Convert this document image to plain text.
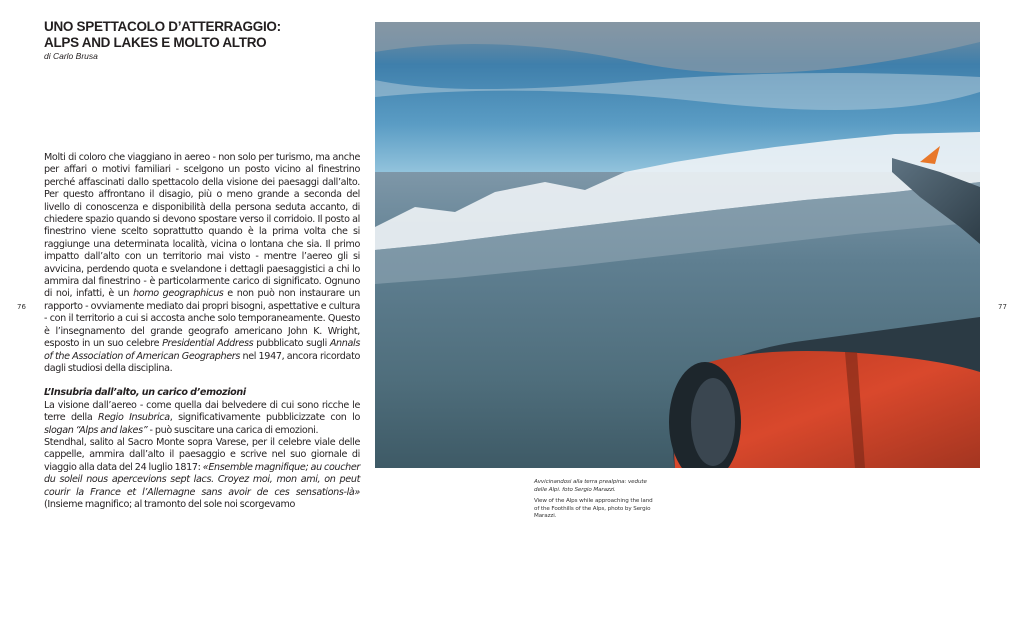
UNO SPETTACOLO D’ATTERRAGGIO:
ALPS AND LAKES E MOLTO ALTRO
di Carlo Brusa

Molti di coloro che viaggiano in aereo - non solo per turismo, ma anche per affari o motivi familiari - scelgono un posto vicino al finestrino perché affascinati dallo spettacolo della visione dei paesaggi dall’alto. Per questo affrontano il disagio, più o meno grande a seconda del livello di conoscenza e disponibilità della persona seduta accanto, di chiedere spazio quando si devono spostare verso il corridoio. Il posto al finestrino viene scelto soprattutto quando è la prima volta che si raggiunge una determinata località, vicina o lontana che sia. Il primo impatto dall’alto con un territorio mai visto - mentre l’aereo gli si avvicina, perdendo quota e svelandone i dettagli paesaggistici a chi lo ammira dal finestrino - è particolarmente carico di significato. Ognuno di noi, infatti, è un homo geographicus e non può non instaurare un rapporto - ovviamente mediato dai propri bisogni, aspettative e cultura - con il territorio a cui si accosta anche solo temporaneamente. Questo è l’insegnamento del grande geografo americano John K. Wright, esposto in un suo celebre Presidential Address pubblicato sugli Annals of the Association of American Geographers nel 1947, ancora ricordato dagli studiosi della disciplina.

L’Insubria dall’alto, un carico d’emozioni

La visione dall’aereo - come quella dai belvedere di cui sono ricche le terre della Regio Insubrica, significativamente pubblicizzate con lo slogan “Alps and lakes” - può suscitare una carica di emozioni.

Stendhal, salito al Sacro Monte sopra Varese, per il celebre viale delle cappelle, ammira dall’alto il paesaggio e scrive nel suo giornale di viaggio alla data del 24 luglio 1817: «Ensemble magnifique; au coucher du soleil nous apercevions sept lacs. Croyez moi, mon ami, on peut courir la France et l’Allemagne sans avoir de ces sensations-là» (Insieme magnifico; al tramonto del sole noi scorgevamo

76	77
Avvicinandosi alla terra prealpina: vedute delle Alpi. foto Sergio Marazzi.
View of the Alps while approaching the land of the Foothills of the Alps, photo by Sergio Marazzi.
